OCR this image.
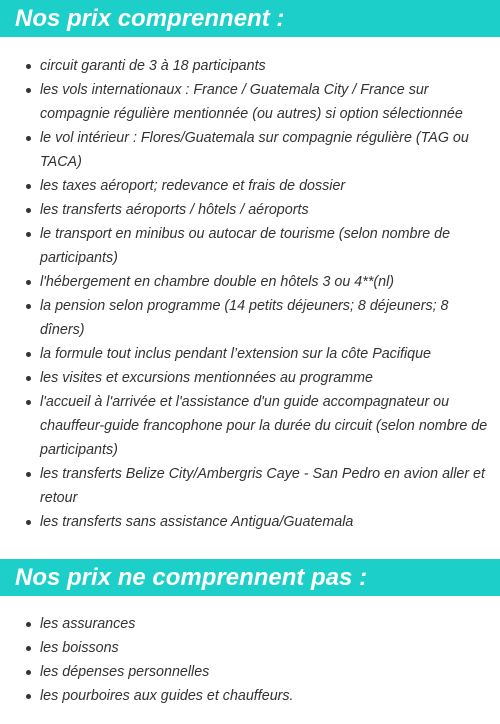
Nos prix comprennent :
circuit garanti de 3 à 18 participants
les vols internationaux : France / Guatemala City / France sur compagnie régulière mentionnée (ou autres) si option sélectionnée
le vol intérieur : Flores/Guatemala sur compagnie régulière (TAG ou TACA)
les taxes aéroport; redevance et frais de dossier
les transferts aéroports / hôtels / aéroports
le transport en minibus ou autocar de tourisme (selon nombre de participants)
l'hébergement en chambre double en hôtels 3 ou 4**(nl)
la pension selon programme (14 petits déjeuners; 8 déjeuners; 8 dîners)
la formule tout inclus pendant l’extension sur la côte Pacifique
les visites et excursions mentionnées au programme
l'accueil à l'arrivée et l'assistance d'un guide accompagnateur ou chauffeur-guide francophone pour la durée du circuit (selon nombre de participants)
les transferts Belize City/Ambergris Caye - San Pedro en avion aller et retour
les transferts sans assistance Antigua/Guatemala
Nos prix ne comprennent pas :
les assurances
les boissons
les dépenses personnelles
les pourboires aux guides et chauffeurs.
